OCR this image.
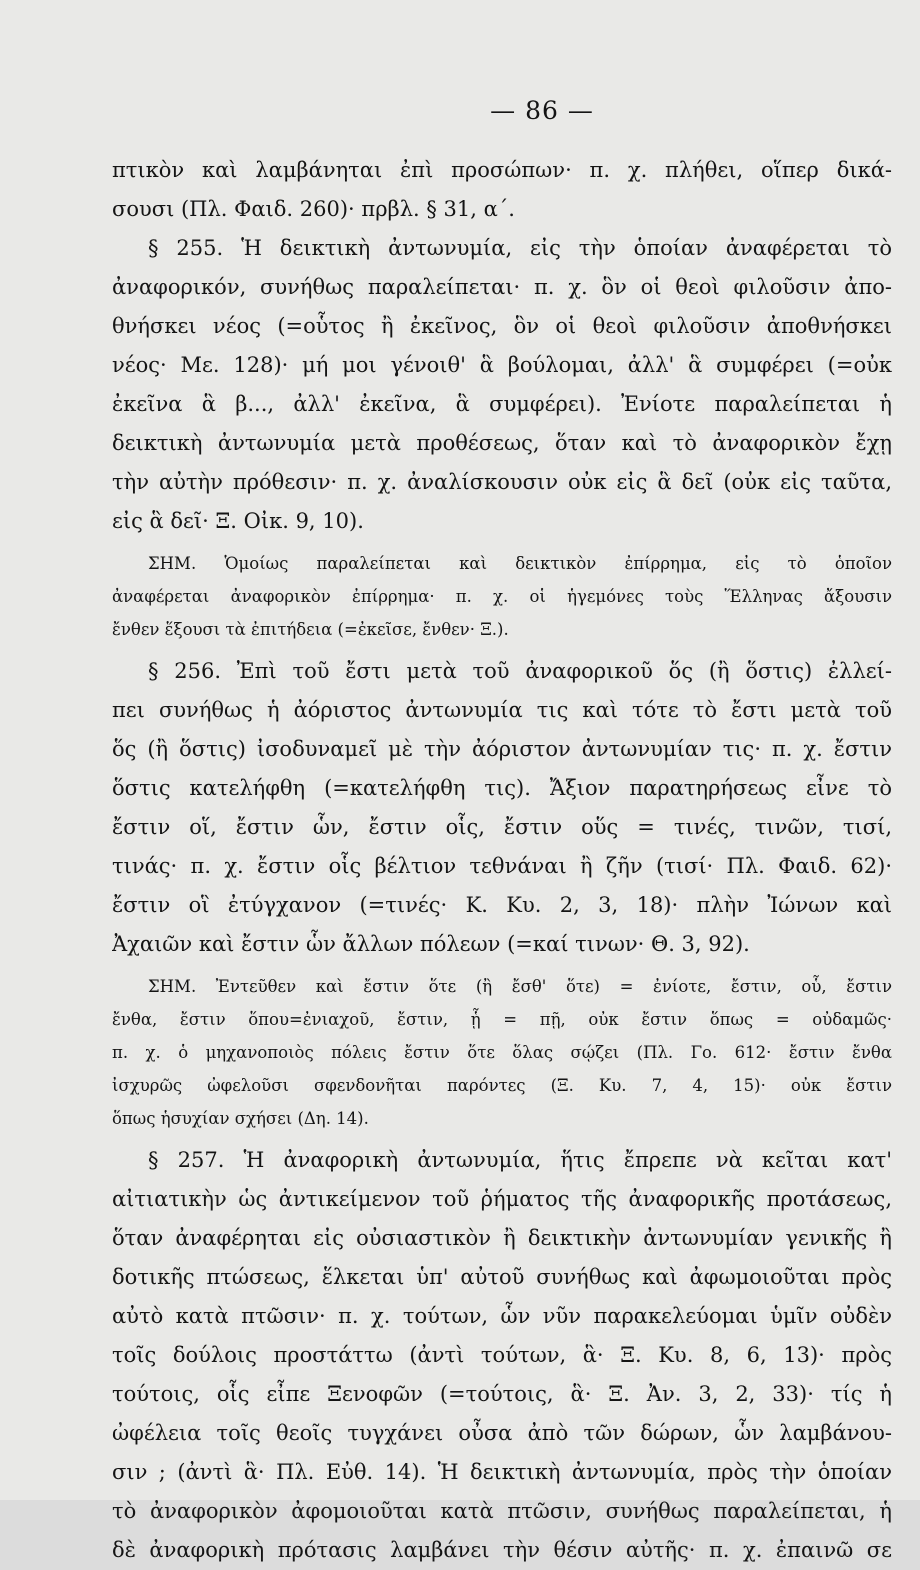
— 86 —

πτικὸν καὶ λαμβάνηται ἐπὶ προσώπων· π. χ. πλήθει, οἵπερ δικά-

σουσι (Πλ. Φαιδ. 260)· πρβλ. § 31, α΄.

§ 255. Ἡ δεικτικὴ ἀντωνυμία, εἰς τὴν ὁποίαν ἀναφέρεται τὸ

ἀναφορικόν, συνήθως παραλείπεται· π. χ. ὃν οἱ θεοὶ φιλοῦσιν ἀπο-

θνήσκει νέος (=οὗτος ἢ ἐκεῖνος, ὃν οἱ θεοὶ φιλοῦσιν ἀποθνήσκει

νέος· Με. 128)· μή μοι γένοιθ' ἃ βούλομαι, ἀλλ' ἃ συμφέρει (=οὐκ

ἐκεῖνα ἃ β..., ἀλλ' ἐκεῖνα, ἃ συμφέρει). Ἐνίοτε παραλείπεται ἡ

δεικτικὴ ἀντωνυμία μετὰ προθέσεως, ὅταν καὶ τὸ ἀναφορικὸν ἔχῃ

τὴν αὐτὴν πρόθεσιν· π. χ. ἀναλίσκουσιν οὐκ εἰς ἃ δεῖ (οὐκ εἰς ταῦτα,

εἰς ἃ δεῖ· Ξ. Οἰκ. 9, 10).

ΣΗΜ. Ὁμοίως παραλείπεται καὶ δεικτικὸν ἐπίρρημα, εἰς τὸ ὁποῖον

ἀναφέρεται ἀναφορικὸν ἐπίρρημα· π. χ. οἱ ἡγεμόνες τοὺς Ἕλληνας ἄξουσιν

ἔνθεν ἕξουσι τὰ ἐπιτήδεια (=ἐκεῖσε, ἔνθεν· Ξ.).

§ 256. Ἐπὶ τοῦ ἔστι μετὰ τοῦ ἀναφορικοῦ ὅς (ἢ ὅστις) ἐλλεί-

πει συνήθως ἡ ἀόριστος ἀντωνυμία τις καὶ τότε τὸ ἔστι μετὰ τοῦ

ὅς (ἢ ὅστις) ἰσοδυναμεῖ μὲ τὴν ἀόριστον ἀντωνυμίαν τις· π. χ. ἔστιν

ὅστις κατελήφθη (=κατελήφθη τις). Ἄξιον παρατηρήσεως εἶνε τὸ

ἔστιν οἵ, ἔστιν ὧν, ἔστιν οἷς, ἔστιν οὕς = τινές, τινῶν, τισί,

τινάς· π. χ. ἔστιν οἷς βέλτιον τεθνάναι ἢ ζῆν (τισί· Πλ. Φαιδ. 62)·

ἔστιν οἳ ἐτύγχανον (=τινές· Κ. Κυ. 2, 3, 18)· πλὴν Ἰώνων καὶ

Ἀχαιῶν καὶ ἔστιν ὧν ἄλλων πόλεων (=καί τινων· Θ. 3, 92).

ΣΗΜ. Ἐντεῦθεν καὶ ἔστιν ὅτε (ἢ ἔσθ' ὅτε) = ἐνίοτε, ἔστιν, οὗ, ἔστιν

ἔνθα, ἔστιν ὅπου=ἐνιαχοῦ, ἔστιν, ᾗ = πῇ, οὐκ ἔστιν ὅπως = οὐδαμῶς·

π. χ. ὁ μηχανοποιὸς πόλεις ἔστιν ὅτε ὅλας σῴζει (Πλ. Γο. 612· ἔστιν ἔνθα

ἰσχυρῶς ὠφελοῦσι σφενδονῆται παρόντες (Ξ. Κυ. 7, 4, 15)· οὐκ ἔστιν

ὅπως ἡσυχίαν σχήσει (Δη. 14).

§ 257. Ἡ ἀναφορικὴ ἀντωνυμία, ἥτις ἔπρεπε νὰ κεῖται κατ'

αἰτιατικὴν ὡς ἀντικείμενον τοῦ ῥήματος τῆς ἀναφορικῆς προτάσεως,

ὅταν ἀναφέρηται εἰς οὐσιαστικὸν ἢ δεικτικὴν ἀντωνυμίαν γενικῆς ἢ

δοτικῆς πτώσεως, ἕλκεται ὑπ' αὐτοῦ συνήθως καὶ ἀφωμοιοῦται πρὸς

αὐτὸ κατὰ πτῶσιν· π. χ. τούτων, ὧν νῦν παρακελεύομαι ὑμῖν οὐδὲν

τοῖς δούλοις προστάττω (ἀντὶ τούτων, ἃ· Ξ. Κυ. 8, 6, 13)· πρὸς

τούτοις, οἷς εἶπε Ξενοφῶν (=τούτοις, ἃ· Ξ. Ἀν. 3, 2, 33)· τίς ἡ

ὠφέλεια τοῖς θεοῖς τυγχάνει οὖσα ἀπὸ τῶν δώρων, ὧν λαμβάνου-

σιν ; (ἀντὶ ἃ· Πλ. Εὐθ. 14). Ἡ δεικτικὴ ἀντωνυμία, πρὸς τὴν ὁποίαν

τὸ ἀναφορικὸν ἀφομοιοῦται κατὰ πτῶσιν, συνήθως παραλείπεται, ἡ

δὲ ἀναφορικὴ πρότασις λαμβάνει τὴν θέσιν αὐτῆς· π. χ. ἐπαινῶ σε
